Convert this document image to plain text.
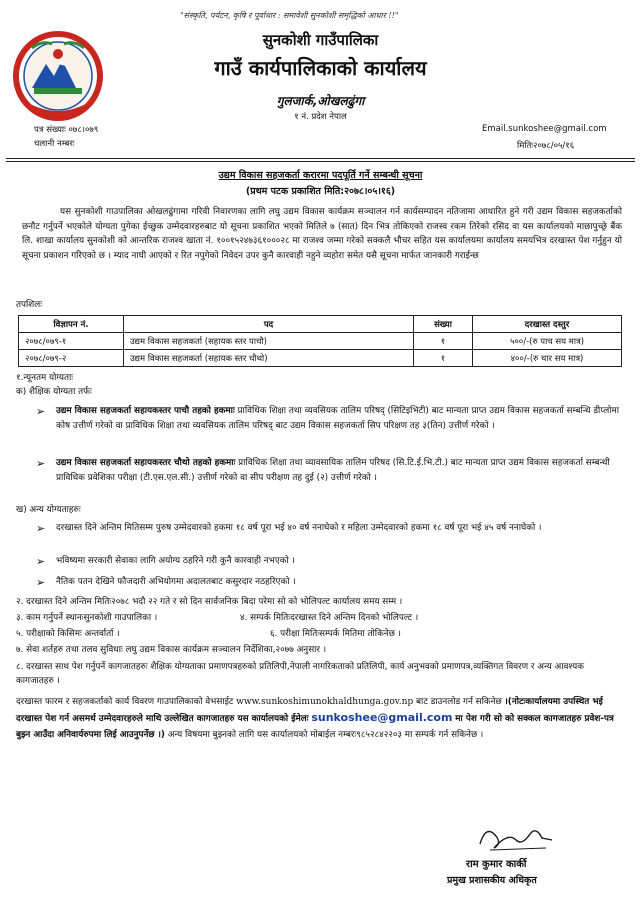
"संस्कृति, पर्यटन, कृषि र पूर्वाधार : समावेशी सुनकोशी समृद्धिको आधार !!"
सुनकोशी गाउँपालिका
गाउँ कार्यपालिकाको कार्यालय
गुलजार्क,ओखलढुंगा
१ नं. प्रदेश नेपाल
पत्र संख्याः ०७८।०७९
चलानी नम्बरः
Email.sunkoshee@gmail.com
मितिः२०७८/०५/१६
उद्यम विकास सहजकर्ता करारमा पदपूर्ति गर्ने सम्बन्धी सूचना
(प्रथम पटक प्रकाशित मिति:२०७८।०५।१६)
यस सुनकोशी गाउपालिका ओखलढुंगामा गरिवी निवारणका लागि लघु उद्यम विकास कार्यक्रम सञ्चालन गर्न कार्यसम्पादन नतिजामा आधारित हुने गरी उद्यम विकास सहजकर्ताको छनौट गर्नुपर्ने भएकोले योग्यता पुगेका ईच्छुक उम्मेदवारहरुबाट यो सूचना प्रकाशित भएको मितिले ७ (सात) दिन भित्र तोकिएको राजस्व रकम तिरेको रसिद वा यस कार्यालयको माछापुच्छ्रे बैंक लि. शाखा कार्यालय सुनकोशी को आन्तरिक राजश्व खाता नं. १००१५२४७३६१०००२८ मा राजश्व जम्मा गरेको सक्कलै भौचर सहित यस कार्यालयमा कार्यालय समयभित्र दरखास्त पेश गर्नुहुन यो सूचना प्रकाशन गरिएको छ । म्याद नाघी आएको र रित नपुगेको निवेदन उपर कुनै कारवाही नहुने व्यहोरा समेत यसै सूचना मार्फत जानकारी गराईन्छ
तपशिलः
विज्ञापन नं.	पद	संख्या	दरखास्त दस्तुर
२०७८/०७९-१	उद्यम विकास सहजकर्ता (सहायक स्तर पाचौ)	१	५००/-(रु पाच सय मात्र)
२०७८/०७९-२	उद्यम विकास सहजकर्ता (सहायक स्तर चौथो)	१	४००/-(रु चार सय मात्र)
१.न्यूनतम योग्यताः
क) शैक्षिक योग्यता तर्फः
➢ उद्यम विकास सहजकर्ता सहायकस्तर पाचौ तहको हकमाः प्राविधिक शिक्षा तथा व्यवसियक तालिम परिषद् (सिटिइभिटी) बाट मान्यता प्राप्त उद्यम विकास सहजकर्ता सम्बन्धि डीप्लोमा कोष उत्तीर्ण गरेको वा प्राविधिक शिक्षा तथा व्यवसियक तालिम परिषद् बाट उद्यम विकास सहजकर्ता सिप परिक्षण तह ३(तिन) उत्तीर्ण गरेको ।
➢ उद्यम विकास सहजकर्ता सहायकस्तर चौथो तहको हकमाः प्राविधिक शिक्षा तथा व्यावसायिक तालिम परिषद (सि.टि.ई.भि.टी.) बाट मान्यता प्राप्त उद्यम विकास सहजकर्ता सम्बन्धी प्राविधिक प्रवेशिका परीक्षा (टी.एस.एल.सी.) उत्तीर्ण गरेको वा सीप परीक्षण तह दुई (२) उत्तीर्ण गरेको ।
ख) अन्य योग्यताहरुः
➢ दरखास्त दिने अन्तिम मितिसम्म पुरुष उम्मेदवारको हकमा १८ वर्ष पूरा भई ४० वर्ष ननाघेको र महिला उम्मेदवारको हकमा १८ वर्ष पूरा भई ४५ वर्ष ननाघेको ।
➢ भविष्यमा सरकारी सेवाका लागि अयोग्य ठहरिने गरी कुनै कारवाही नभएको ।
➢ नैतिक पतन देखिने फौजदारी अभियोगमा अदालतबाट कसुरदार नठहरिएको ।
२. दरखास्त दिने अन्तिम मितिः२०७८ भदौ २२ गते र सो दिन सार्वजनिक बिदा परेमा सो को भोलिपल्ट कार्यालय समय सम्म ।
३. काम गर्नुपर्ने स्थानःसुनकोशी गाउपालिका ।	४. सम्पर्क मितिःदरखास्त दिने अन्तिम दिनको भोलिपल्ट ।
५. परीक्षाको किसिमः अन्तर्वार्ता ।	६. परीक्षा मितिःसम्पर्क मितिमा तोकिनेछ ।
७. सेवा शर्तहरु तथा तलव सुविधाः लघु उद्यम विकास कार्यक्रम सञ्चालन निर्देशिका,२०७७ अनुसार ।
८. दरखास्त साथ पेश गर्नुपर्ने कागजातहरुः शैक्षिक योग्यताका प्रमाणपत्रहरुको प्रतिलिपी,नेपाली नागरिकताको प्रतिलिपी, कार्य अनुभवको प्रमाणपत्र,व्यक्तिगत विवरण र अन्य आवश्यक कागजातहरु ।
दरखास्त फारम र सहजकर्ताको कार्य विवरण गाउपालिकाको वेभसाईट www.sunkoshimunokhaldhunga.gov.np बाट डाउनलोड गर्न सकिनेछ ।(नोटःकार्यालयमा उपस्थित भई दरखास्त पेश गर्न असमर्थ उम्मेदवारहरुले माथि उल्लेखित कागजातहरु यस कार्यालयको ईमेलः sunkoshee@gmail.com मा पेश गरी सो को सक्कल कागजातहरु प्रवेश-पत्र बुझ्न आउँदा अनिवार्यरुपमा लिई आउनुपर्नेछ ।) अन्य विषयमा बुझ्नको लागि यस कार्यालयको मोबाईल नम्बरः९८५२८४२२०३ मा सम्पर्क गर्न सकिनेछ ।
राम कुमार कार्की
प्रमुख प्रशासकीय अधिकृत
